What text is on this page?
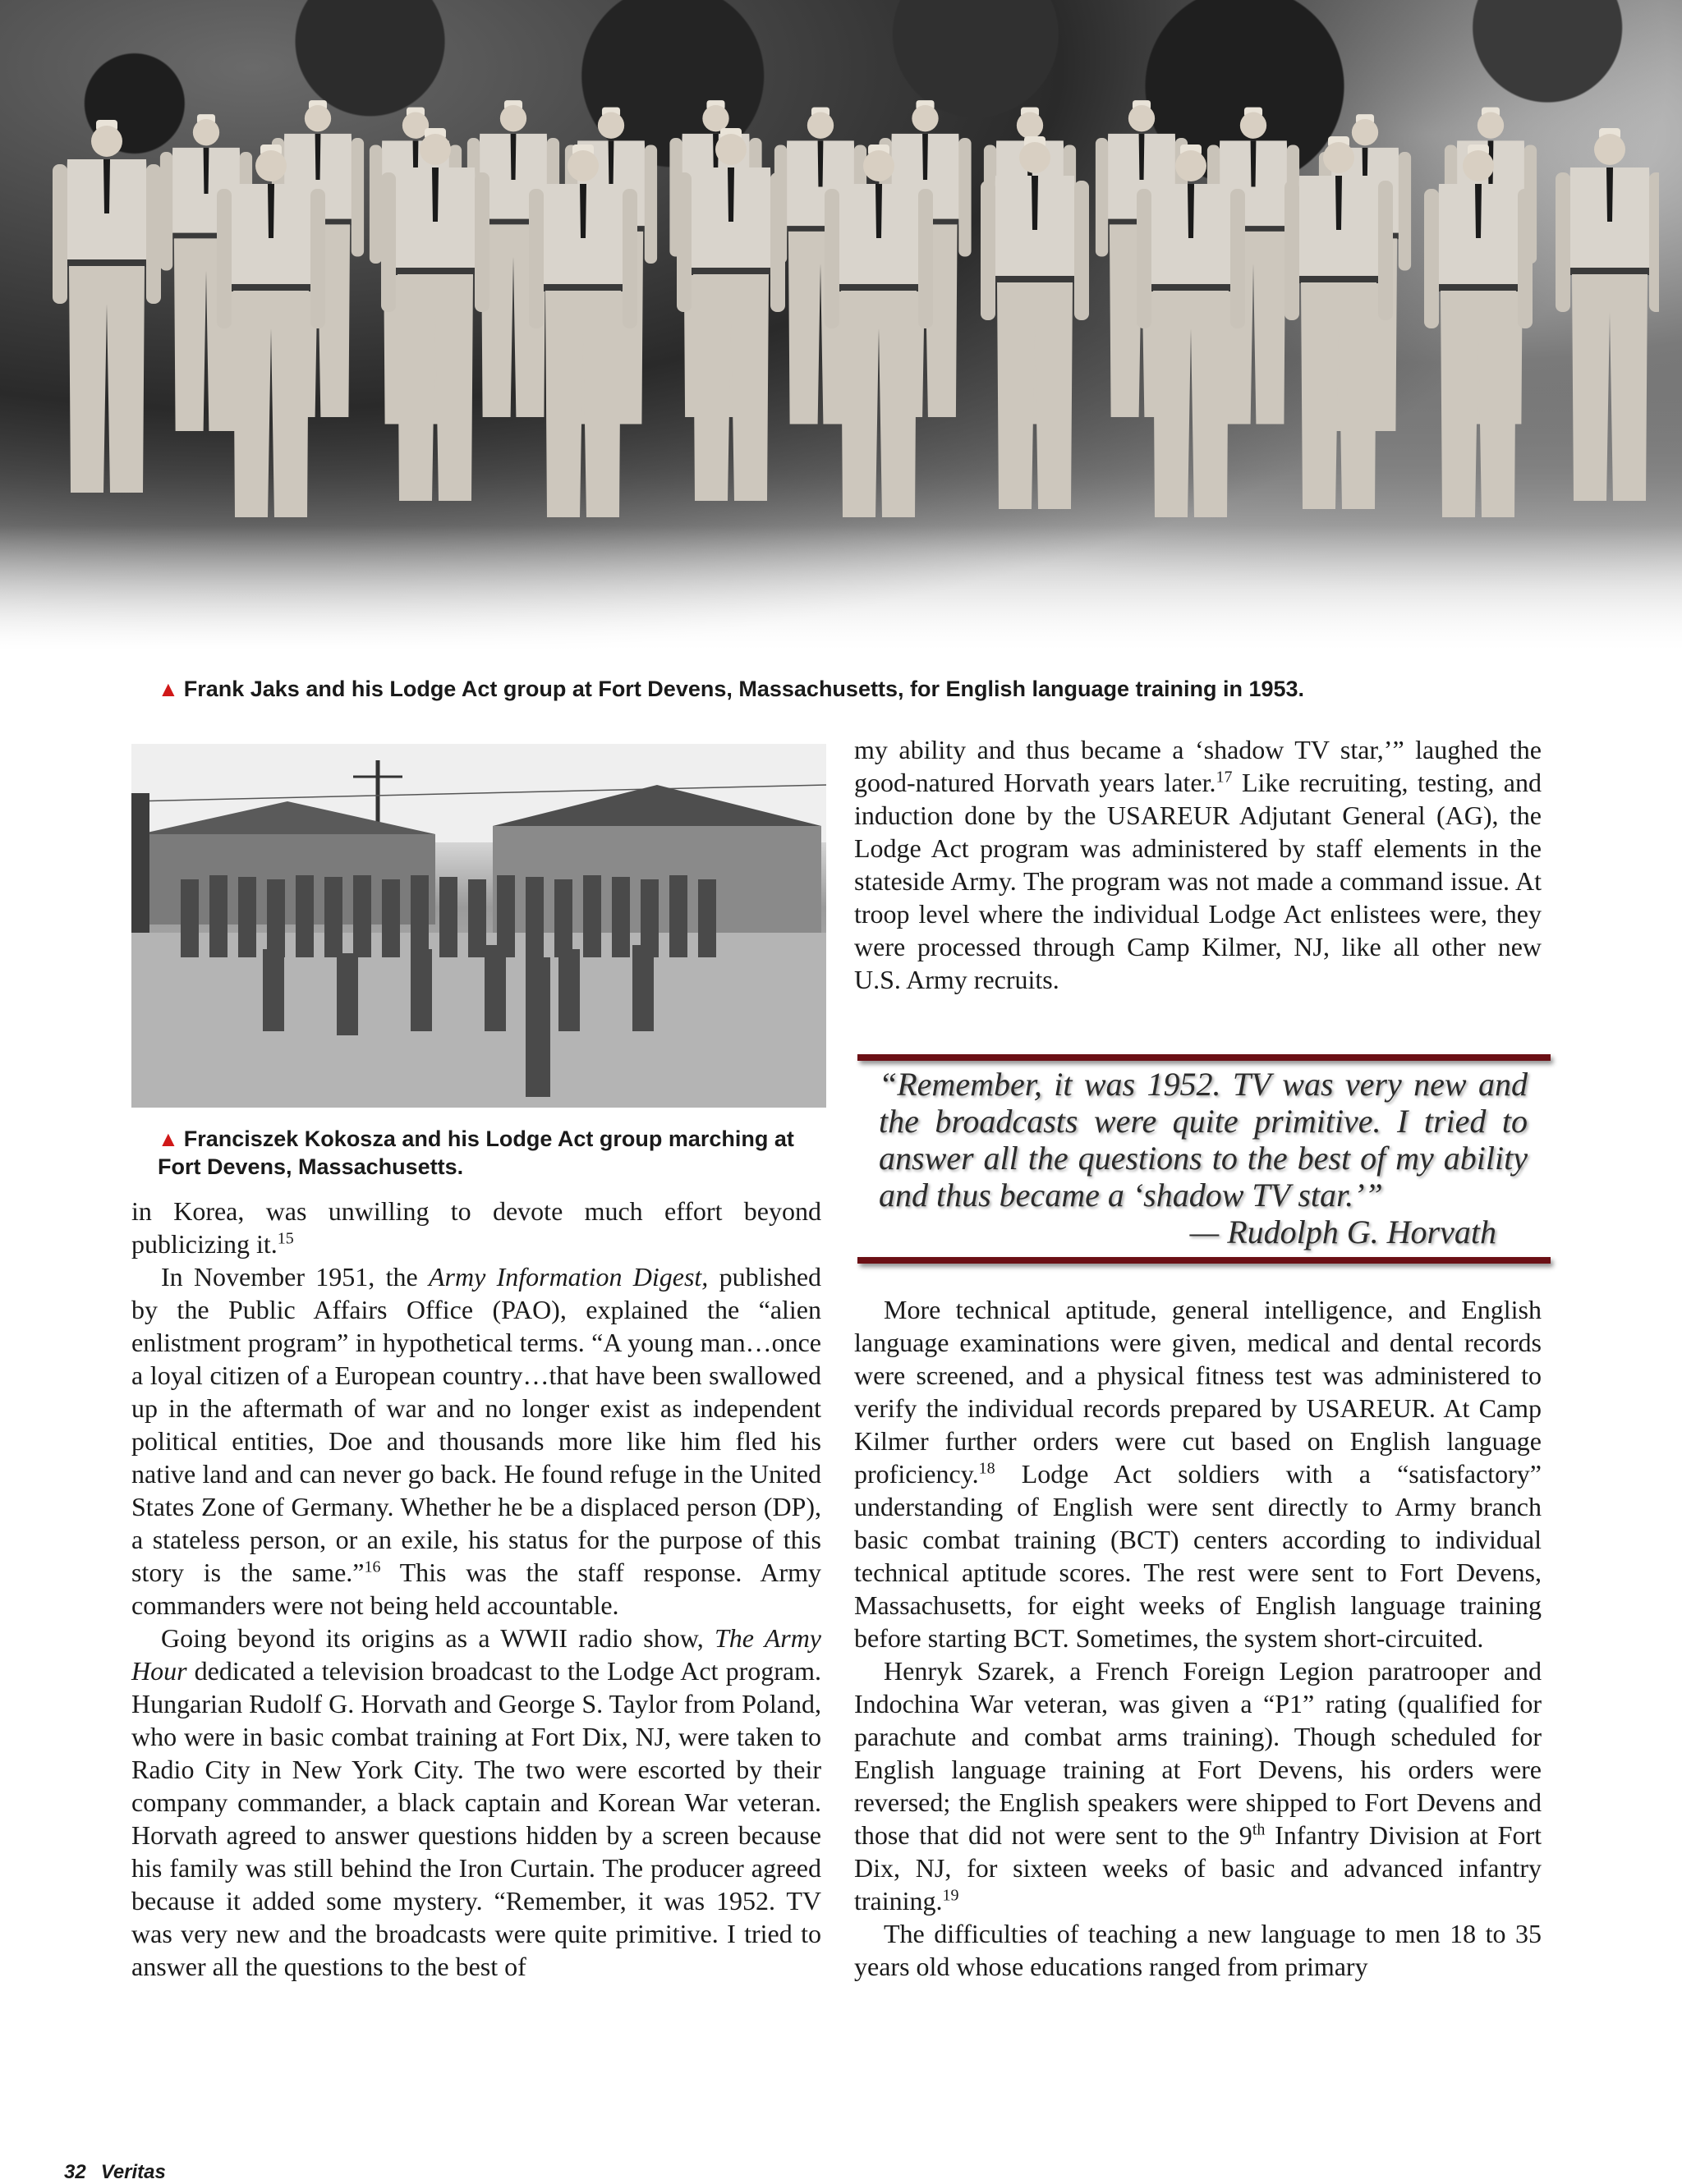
▲ Frank Jaks and his Lodge Act group at Fort Devens, Massachusetts, for English language training in 1953.
▲ Franciszek Kokosza and his Lodge Act group marching at Fort Devens, Massachusetts.

in Korea, was unwilling to devote much effort beyond publicizing it.$^{15}$

In November 1951, the Army Information Digest, published by the Public Affairs Office (PAO), explained the “alien enlistment program” in hypothetical terms. “A young man…once a loyal citizen of a European country…that have been swallowed up in the aftermath of war and no longer exist as independent political entities, Doe and thousands more like him fled his native land and can never go back. He found refuge in the United States Zone of Germany. Whether he be a displaced person (DP), a stateless person, or an exile, his status for the purpose of this story is the same.”$^{16}$ This was the staff response. Army commanders were not being held accountable.

Going beyond its origins as a WWII radio show, The Army Hour dedicated a television broadcast to the Lodge Act program. Hungarian Rudolf G. Horvath and George S. Taylor from Poland, who were in basic combat training at Fort Dix, NJ, were taken to Radio City in New York City. The two were escorted by their company commander, a black captain and Korean War veteran. Horvath agreed to answer questions hidden by a screen because his family was still behind the Iron Curtain. The producer agreed because it added some mystery. “Remember, it was 1952. TV was very new and the broadcasts were quite primitive. I tried to answer all the questions to the best of

my ability and thus became a ‘shadow TV star,’” laughed the good-natured Horvath years later.$^{17}$ Like recruiting, testing, and induction done by the USAREUR Adjutant General (AG), the Lodge Act program was administered by staff elements in the stateside Army. The program was not made a command issue. At troop level where the individual Lodge Act enlistees were, they were processed through Camp Kilmer, NJ, like all other new U.S. Army recruits.

“Remember, it was 1952. TV was very new and the broadcasts were quite primitive. I tried to answer all the questions to the best of my ability and thus became a ‘shadow TV star.’”
— Rudolph G. Horvath

More technical aptitude, general intelligence, and English language examinations were given, medical and dental records were screened, and a physical fitness test was administered to verify the individual records prepared by USAREUR. At Camp Kilmer further orders were cut based on English language proficiency.$^{18}$ Lodge Act soldiers with a “satisfactory” understanding of English were sent directly to Army branch basic combat training (BCT) centers according to individual technical aptitude scores. The rest were sent to Fort Devens, Massachusetts, for eight weeks of English language training before starting BCT. Sometimes, the system short-circuited.

Henryk Szarek, a French Foreign Legion paratrooper and Indochina War veteran, was given a “P1” rating (qualified for parachute and combat arms training). Though scheduled for English language training at Fort Devens, his orders were reversed; the English speakers were shipped to Fort Devens and those that did not were sent to the 9th Infantry Division at Fort Dix, NJ, for sixteen weeks of basic and advanced infantry training.$^{19}$

The difficulties of teaching a new language to men 18 to 35 years old whose educations ranged from primary

32 Veritas
